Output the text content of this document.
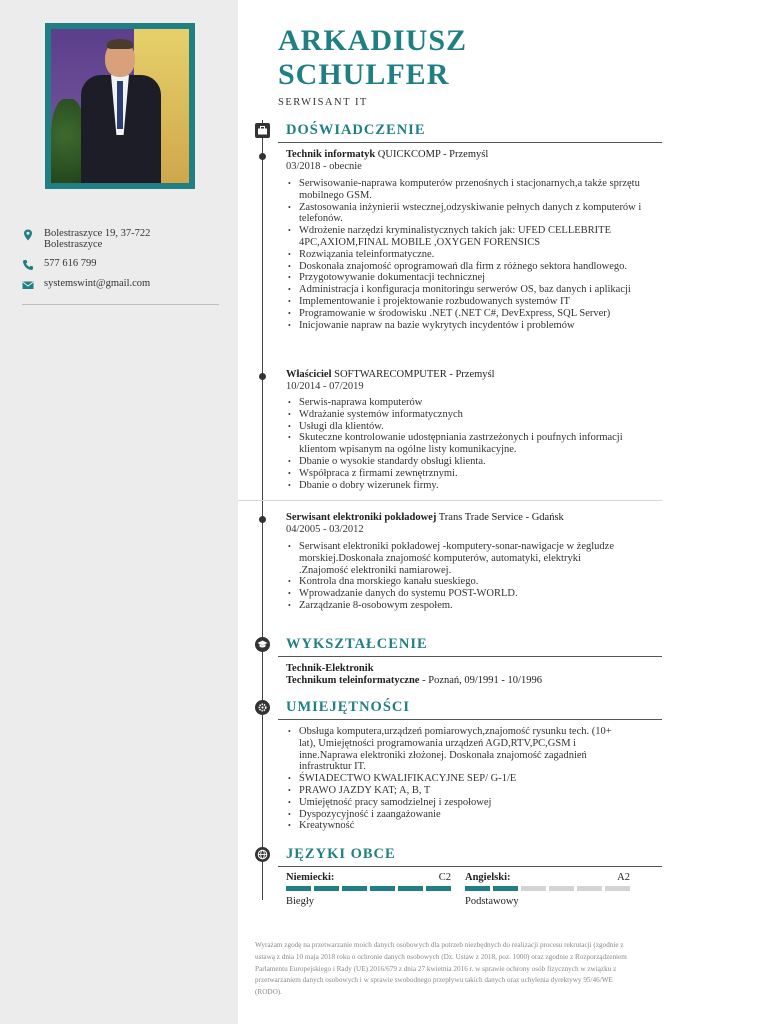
Bolestraszyce 19, 37-722
Bolestraszyce
577 616 799
systemswint@gmail.com
ARKADIUSZ
SCHULFER
SERWISANT IT
DOŚWIADCZENIE
Technik informatyk QUICKCOMP - Przemyśl
03/2018 - obecnie
• Serwisowanie-naprawa komputerów przenośnych i stacjonarnych,a także sprzętu mobilnego GSM.
• Zastosowania inżynierii wstecznej,odzyskiwanie pełnych danych z komputerów i telefonów.
• Wdrożenie narzędzi kryminalistycznych takich jak: UFED CELLEBRITE 4PC,AXIOM,FINAL MOBILE ,OXYGEN FORENSICS
• Rozwiązania teleinformatyczne.
• Doskonała znajomość oprogramowań dla firm z różnego sektora handlowego.
• Przygotowywanie dokumentacji technicznej
• Administracja i konfiguracja monitoringu serwerów OS, baz danych i aplikacji
• Implementowanie i projektowanie rozbudowanych systemów IT
• Programowanie w środowisku .NET (.NET C#, DevExpress, SQL Server)
• Inicjowanie napraw na bazie wykrytych incydentów i problemów
Właściciel SOFTWARECOMPUTER - Przemyśl
10/2014 - 07/2019
• Serwis-naprawa komputerów
• Wdrażanie systemów informatycznych
• Usługi dla klientów.
• Skuteczne kontrolowanie udostępniania zastrzeżonych i poufnych informacji klientom wpisanym na ogólne listy komunikacyjne.
• Dbanie o wysokie standardy obsługi klienta.
• Współpraca z firmami zewnętrznymi.
• Dbanie o dobry wizerunek firmy.
Serwisant elektroniki pokładowej Trans Trade Service - Gdańsk
04/2005 - 03/2012
• Serwisant elektroniki pokładowej -komputery-sonar-nawigacje w żegludze morskiej.Doskonała znajomość komputerów, automatyki, elektryki .Znajomość elektroniki namiarowej.
• Kontrola dna morskiego kanału sueskiego.
• Wprowadzanie danych do systemu POST-WORLD.
• Zarządzanie 8-osobowym zespołem.
WYKSZTAŁCENIE
Technik-Elektronik
Technikum teleinformatyczne - Poznań, 09/1991 - 10/1996
UMIEJĘTNOŚCI
• Obsługa komputera,urządzeń pomiarowych,znajomość rysunku tech. (10+ lat), Umiejętności programowania urządzeń AGD,RTV,PC,GSM i inne.Naprawa elektroniki złożonej. Doskonała znajomość zagadnień infrastruktur IT.
• ŚWIADECTWO KWALIFIKACYJNE SEP/ G-1/E
• PRAWO JAZDY KAT; A, B, T
• Umiejętność pracy samodzielnej i zespołowej
• Dyspozycyjność i zaangażowanie
• Kreatywność
JĘZYKI OBCE
Niemiecki:	C2
Biegły
Angielski:	A2
Podstawowy
Wyrażam zgodę na przetwarzanie moich danych osobowych dla potrzeb niezbędnych do realizacji procesu rekrutacji (zgodnie z ustawą z dnia 10 maja 2018 roku o ochronie danych osobowych (Dz. Ustaw z 2018, poz. 1000) oraz zgodnie z Rozporządzeniem Parlamentu Europejskiego i Rady (UE) 2016/679 z dnia 27 kwietnia 2016 r. w sprawie ochrony osób fizycznych w związku z przetwarzaniem danych osobowych i w sprawie swobodnego przepływu takich danych oraz uchylenia dyrektywy 95/46/WE (RODO).
